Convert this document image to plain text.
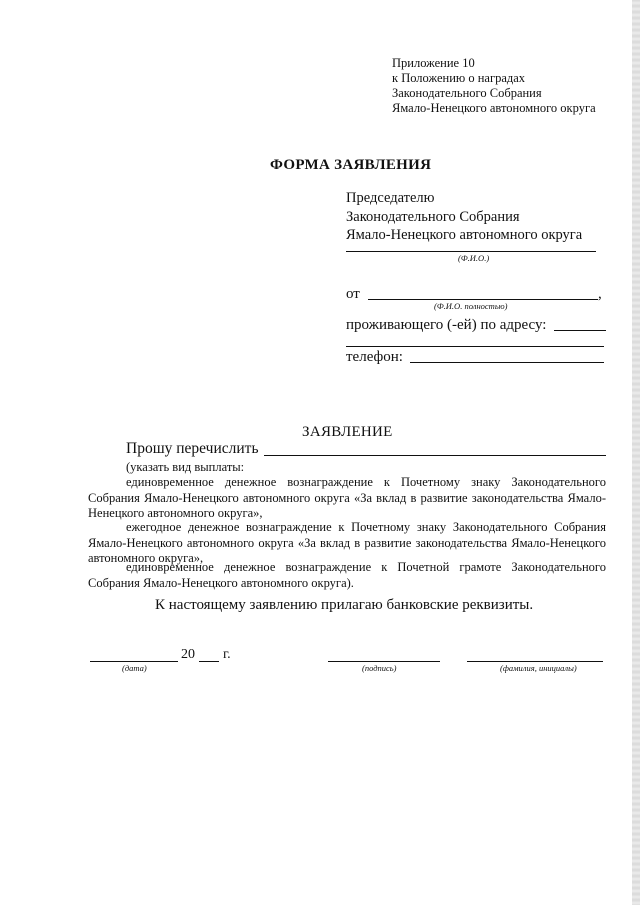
Приложение 10
к Положению о наградах
Законодательного Собрания
Ямало-Ненецкого автономного округа
ФОРМА ЗАЯВЛЕНИЯ
Председателю
Законодательного Собрания
Ямало-Ненецкого автономного округа
(Ф.И.О.)
от	,
(Ф.И.О. полностью)
проживающего (-ей) по адресу:
телефон:
ЗАЯВЛЕНИЕ
Прошу перечислить
(указать вид выплаты:
единовременное денежное вознаграждение к Почетному знаку Законодательного Собрания Ямало-Ненецкого автономного округа «За вклад в развитие законодательства Ямало-Ненецкого автономного округа»,
ежегодное денежное вознаграждение к Почетному знаку Законодательного Собрания Ямало-Ненецкого автономного округа «За вклад в развитие законодательства Ямало-Ненецкого автономного округа»,
единовременное денежное вознаграждение к Почетной грамоте Законодательного Собрания Ямало-Ненецкого автономного округа).
К настоящему заявлению прилагаю банковские реквизиты.
20 г.
(дата)	(подпись)	(фамилия, инициалы)
